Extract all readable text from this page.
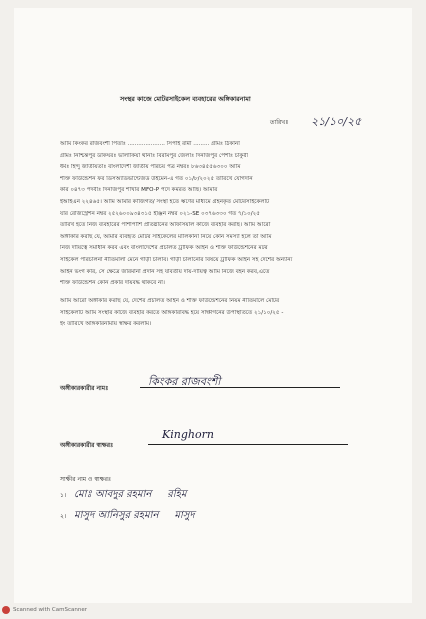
সংস্থর কাজে মোটরসাইকেল ব্যবহারের অঙ্গিকারনামা
তারিখঃ ২১/১০/২৫
আমি কিংকর রাজবংশী পিতাঃ ..................... সিপাই রামী ......... গ্রামঃ ঠিকানা
গ্রামঃ নিশ্চিন্তপুর ডাকঘরঃ ভালাকিয়া থানাঃ বিরামপুর জেলাঃ দিনাজপুর পেশাঃ চাকুরী
ধর্মঃ হিন্দু জাতীয়তাঃ বাংলাদেশী জাতীয় পরিচয় পত্র নম্বরঃ ৮৬৩৪৫৫৬৩০০ আমি
শক্তি ফাউন্ডেশন ফর ডিসঅ্যাডভান্টেজড উইমেন-এ গত ০১/৮/২০২৫ তারিখে যোগদান
করি ০৪৭৩ পদবীঃ দিনাজপুর শাখার MFO-P পদে কর্মরত আছি। আমার
ইআইএন ২২৪৬৫। আমি আমার কাজিগত/ সংস্থা হতে ঋণের মাধ্যমে গ্রহনকৃত মোটরসাইকেলটি
যার রেজিস্ট্রেশন নম্বর ২৫২৬০০৯৩৪৩১৫ ইঞ্জিন নম্বর ০২১-SE ০৩৭৬৩৩০ গত ৭/১০/২৫
তারিখ হতে নিজ ব্যবহারের পাশাপাশি প্রতিষ্ঠানের অফিসিয়াল কাজে ব্যবহার করছি। আমি আরো
অঙ্গীকার করছি যে, আমার ব্যবহৃত মোটর সাইকেলের মালিকানা নিয়ে কোন সমস্যা হলে তা আমি
নিজ দায়িত্বে সমাধান করব এবং বাংলাদেশের প্রচলিত ট্রাফিক আইন ও শক্তি ফাউন্ডেশনের মটর
সাইকেল পরিচালনা নীতিমালা মেনে গাড়ী চালাব। গাড়ী চালানোর বিষয়ে ট্রাফিক আইন সহ দেশের অন্যান্য
আইন ভংগ করি, সে ক্ষেত্রে জরিমানা প্রদান সহ যাবতীয় দায়-দায়িত্ব আমি নিজে বহন করব,এতে
শক্তি ফাউন্ডেশন কোন প্রকার দায়বদ্ধ থাকবে না।
আমি আরো অঙ্গীকার করছি যে, দেশের প্রচলিত আইন ও শক্তি ফাউন্ডেশনের নিয়ম নীতিমালে মোটর
সাইকেলটি আমি সংস্থার কাজে ব্যবহার করতে অঙ্গিকারাবদ্ধ হয়ে সাক্ষীগনের উপস্থিতিতে ২১/১০/২৫ -
ইং তারিখে অঙ্গিকারনামায় স্বাক্ষর করলাম।
অঙ্গীকারকারীর নামঃ
কিংকর রাজবংশী
অঙ্গীকারকারীর স্বাক্ষরঃ
Kinghorn
সাক্ষীর নাম ও স্বাক্ষরঃ
১। মোঃ আবদুর রহমান রহিম
২। মাসুদ আনিসুর রহমান মাসুদ
Scanned with CamScanner
